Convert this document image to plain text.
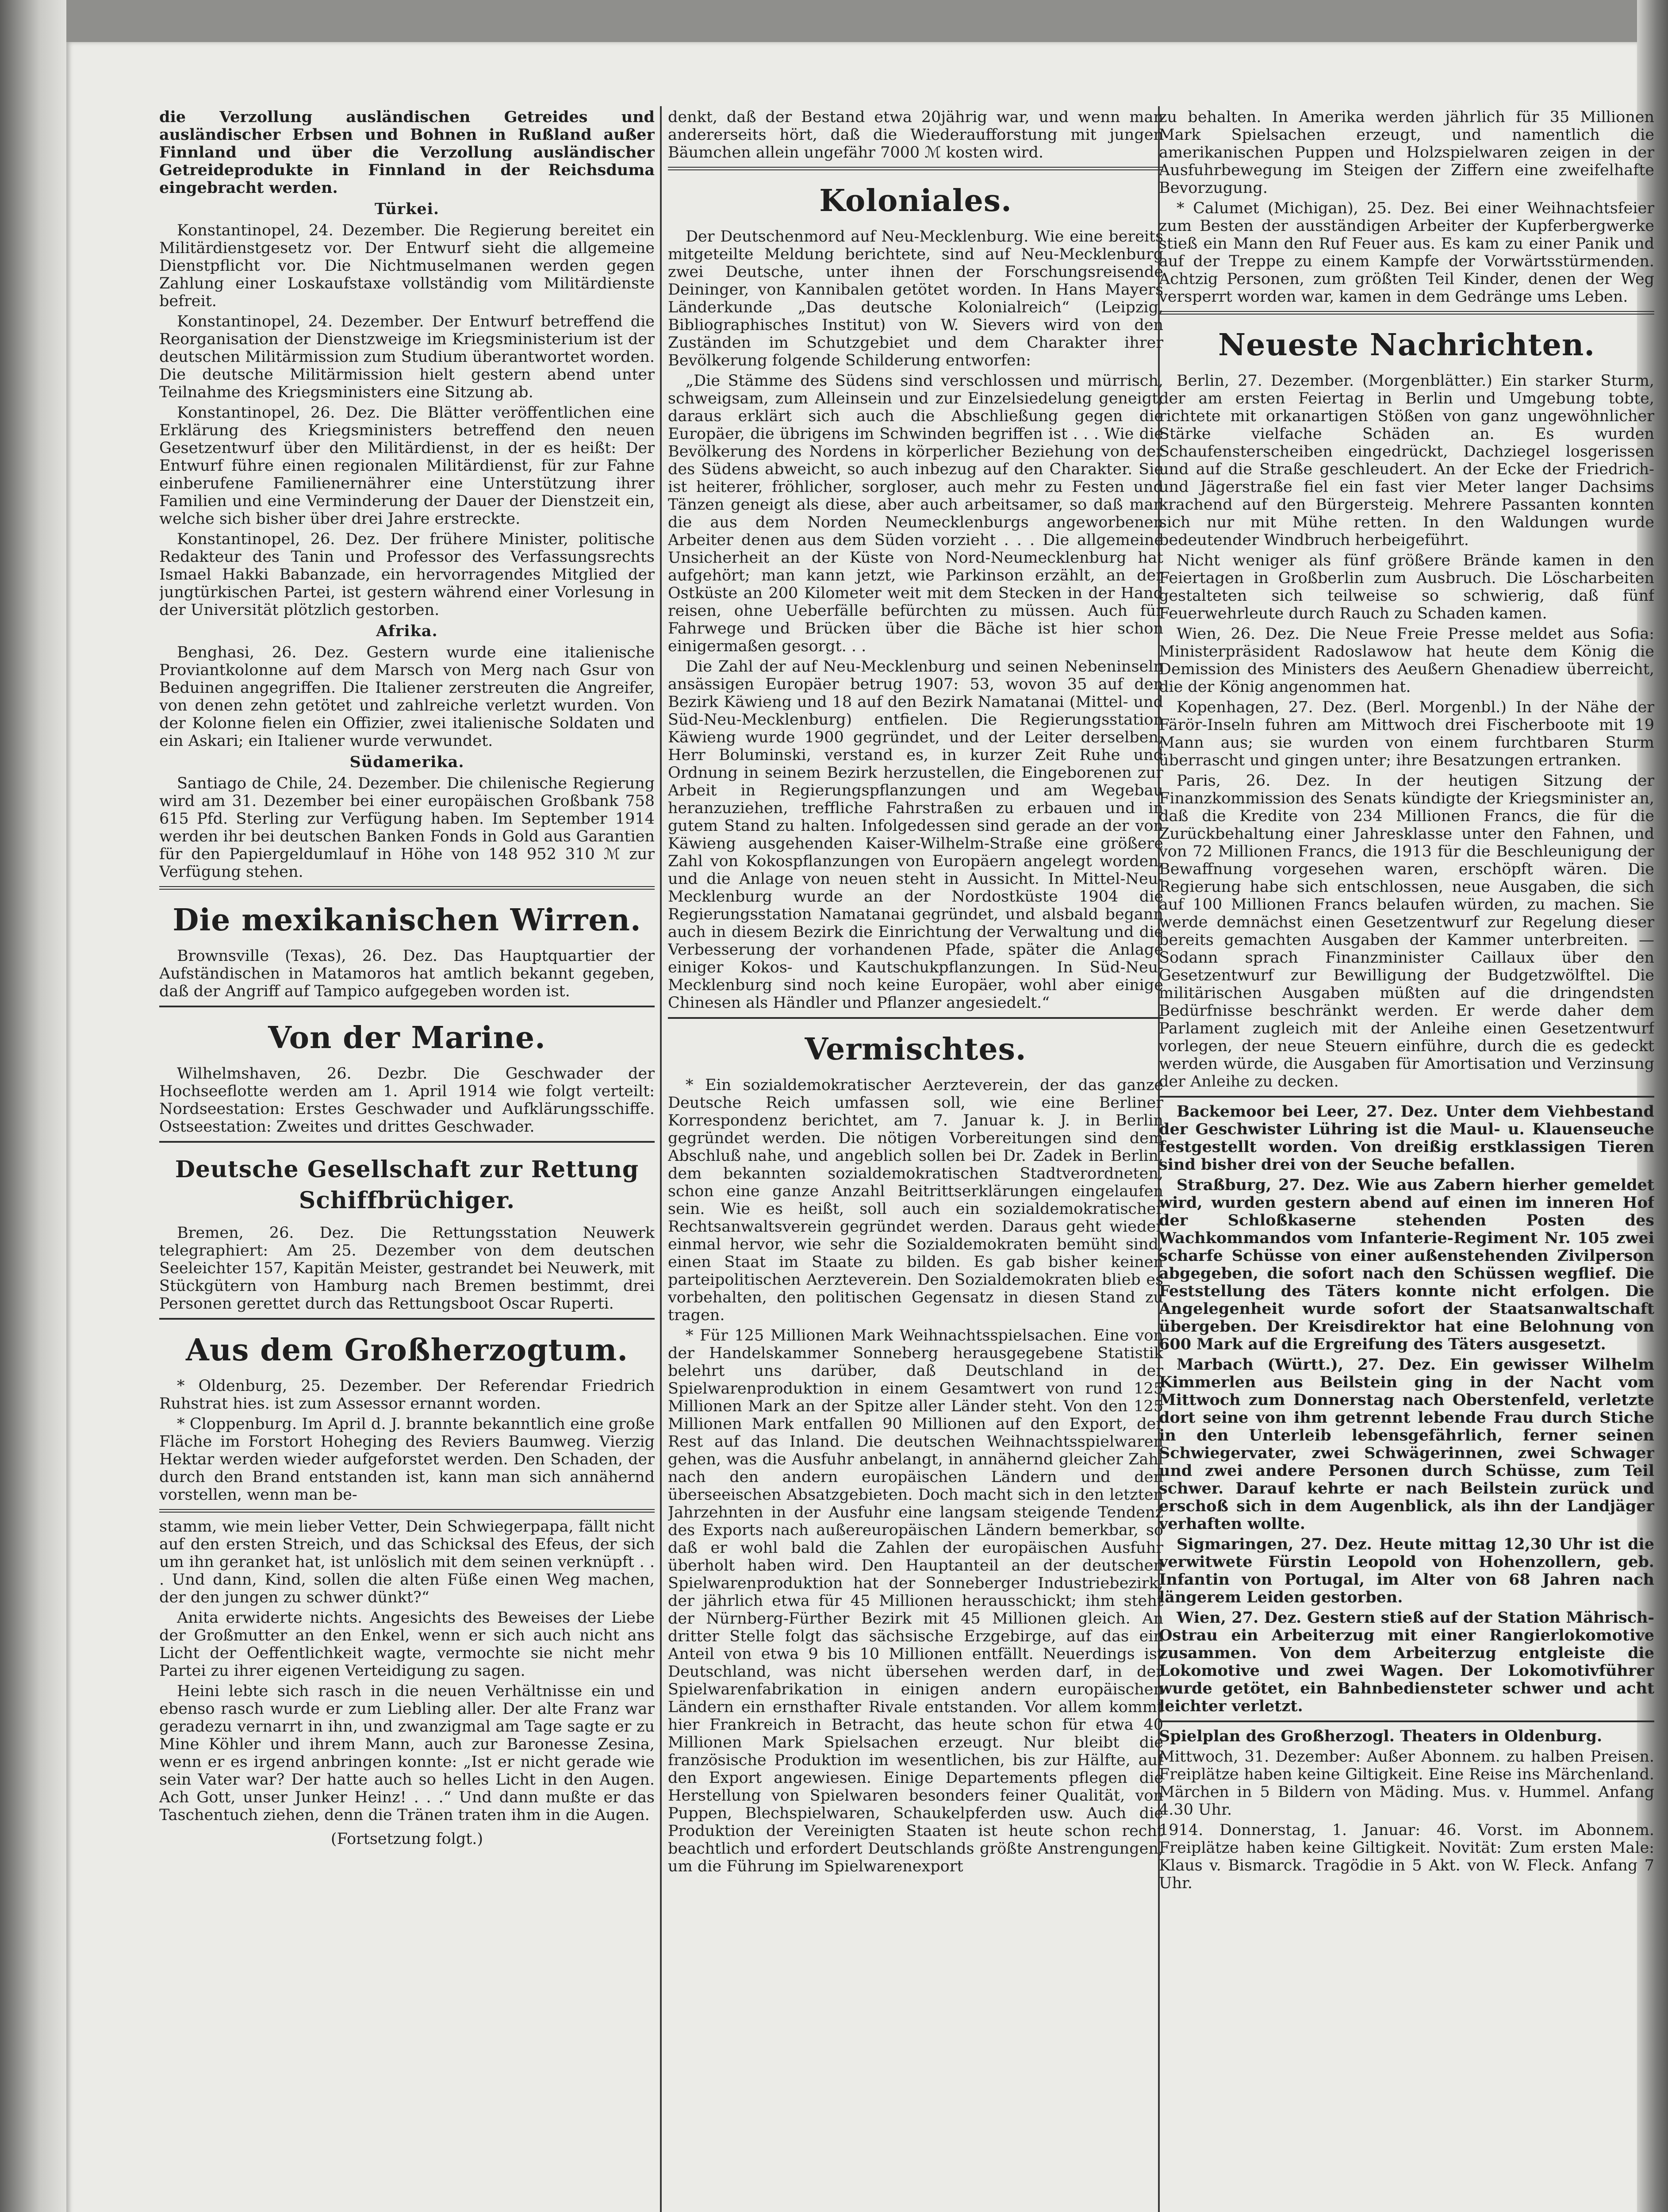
die Verzollung ausländischen Getreides und ausländischer Erbsen und Bohnen in Rußland außer Finnland und über die Verzollung ausländischer Getreideprodukte in Finnland in der Reichsduma eingebracht werden.

Türkei.

Konstantinopel, 24. Dezember. Die Regierung bereitet ein Militärdienstgesetz vor. Der Entwurf sieht die allgemeine Dienstpflicht vor. Die Nichtmuselmanen werden gegen Zahlung einer Loskaufstaxe vollständig vom Militärdienste befreit.

Konstantinopel, 24. Dezember. Der Entwurf betreffend die Reorganisation der Dienstzweige im Kriegsministerium ist der deutschen Militärmission zum Studium überantwortet worden. Die deutsche Militärmission hielt gestern abend unter Teilnahme des Kriegsministers eine Sitzung ab.

Konstantinopel, 26. Dez. Die Blätter veröffentlichen eine Erklärung des Kriegsministers betreffend den neuen Gesetzentwurf über den Militärdienst, in der es heißt: Der Entwurf führe einen regionalen Militärdienst, für zur Fahne einberufene Familienernährer eine Unterstützung ihrer Familien und eine Verminderung der Dauer der Dienstzeit ein, welche sich bisher über drei Jahre erstreckte.

Konstantinopel, 26. Dez. Der frühere Minister, politische Redakteur des Tanin und Professor des Verfassungsrechts Ismael Hakki Babanzade, ein hervorragendes Mitglied der jungtürkischen Partei, ist gestern während einer Vorlesung in der Universität plötzlich gestorben.

Afrika.

Benghasi, 26. Dez. Gestern wurde eine italienische Proviantkolonne auf dem Marsch von Merg nach Gsur von Beduinen angegriffen. Die Italiener zerstreuten die Angreifer, von denen zehn getötet und zahlreiche verletzt wurden. Von der Kolonne fielen ein Offizier, zwei italienische Soldaten und ein Askari; ein Italiener wurde verwundet.

Südamerika.

Santiago de Chile, 24. Dezember. Die chilenische Regierung wird am 31. Dezember bei einer europäischen Großbank 758 615 Pfd. Sterling zur Verfügung haben. Im September 1914 werden ihr bei deutschen Banken Fonds in Gold aus Garantien für den Papiergeldumlauf in Höhe von 148 952 310 ℳ zur Verfügung stehen.

Die mexikanischen Wirren.

Brownsville (Texas), 26. Dez. Das Hauptquartier der Aufständischen in Matamoros hat amtlich bekannt gegeben, daß der Angriff auf Tampico aufgegeben worden ist.

Von der Marine.

Wilhelmshaven, 26. Dezbr. Die Geschwader der Hochseeflotte werden am 1. April 1914 wie folgt verteilt: Nordseestation: Erstes Geschwader und Aufklärungsschiffe. Ostseestation: Zweites und drittes Geschwader.

Deutsche Gesellschaft zur Rettung Schiffbrüchiger.

Bremen, 26. Dez. Die Rettungsstation Neuwerk telegraphiert: Am 25. Dezember von dem deutschen Seeleichter 157, Kapitän Meister, gestrandet bei Neuwerk, mit Stückgütern von Hamburg nach Bremen bestimmt, drei Personen gerettet durch das Rettungsboot Oscar Ruperti.

Aus dem Großherzogtum.

* Oldenburg, 25. Dezember. Der Referendar Friedrich Ruhstrat hies. ist zum Assessor ernannt worden.

* Cloppenburg. Im April d. J. brannte bekanntlich eine große Fläche im Forstort Hoheging des Reviers Baumweg. Vierzig Hektar werden wieder aufgeforstet werden. Den Schaden, der durch den Brand entstanden ist, kann man sich annähernd vorstellen, wenn man be-

stamm, wie mein lieber Vetter, Dein Schwiegerpapa, fällt nicht auf den ersten Streich, und das Schicksal des Efeus, der sich um ihn geranket hat, ist unlöslich mit dem seinen verknüpft . . . Und dann, Kind, sollen die alten Füße einen Weg machen, der den jungen zu schwer dünkt?“

Anita erwiderte nichts. Angesichts des Beweises der Liebe der Großmutter an den Enkel, wenn er sich auch nicht ans Licht der Oeffentlichkeit wagte, vermochte sie nicht mehr Partei zu ihrer eigenen Verteidigung zu sagen.

Heini lebte sich rasch in die neuen Verhältnisse ein und ebenso rasch wurde er zum Liebling aller. Der alte Franz war geradezu vernarrt in ihn, und zwanzigmal am Tage sagte er zu Mine Köhler und ihrem Mann, auch zur Baronesse Zesina, wenn er es irgend anbringen konnte: „Ist er nicht gerade wie sein Vater war? Der hatte auch so helles Licht in den Augen. Ach Gott, unser Junker Heinz! . . .“ Und dann mußte er das Taschentuch ziehen, denn die Tränen traten ihm in die Augen.

(Fortsetzung folgt.)

denkt, daß der Bestand etwa 20jährig war, und wenn man andererseits hört, daß die Wiederaufforstung mit jungen Bäumchen allein ungefähr 7000 ℳ kosten wird.

Koloniales.

Der Deutschenmord auf Neu-Mecklenburg. Wie eine bereits mitgeteilte Meldung berichtete, sind auf Neu-Mecklenburg zwei Deutsche, unter ihnen der Forschungsreisende Deininger, von Kannibalen getötet worden. In Hans Mayers Länderkunde „Das deutsche Kolonialreich“ (Leipzig, Bibliographisches Institut) von W. Sievers wird von den Zuständen im Schutzgebiet und dem Charakter ihrer Bevölkerung folgende Schilderung entworfen:

„Die Stämme des Südens sind verschlossen und mürrisch, schweigsam, zum Alleinsein und zur Einzelsiedelung geneigt; daraus erklärt sich auch die Abschließung gegen die Europäer, die übrigens im Schwinden begriffen ist . . . Wie die Bevölkerung des Nordens in körperlicher Beziehung von der des Südens abweicht, so auch inbezug auf den Charakter. Sie ist heiterer, fröhlicher, sorgloser, auch mehr zu Festen und Tänzen geneigt als diese, aber auch arbeitsamer, so daß man die aus dem Norden Neumecklenburgs angeworbenen Arbeiter denen aus dem Süden vorzieht . . . Die allgemeine Unsicherheit an der Küste von Nord-Neumecklenburg hat aufgehört; man kann jetzt, wie Parkinson erzählt, an der Ostküste an 200 Kilometer weit mit dem Stecken in der Hand reisen, ohne Ueberfälle befürchten zu müssen. Auch für Fahrwege und Brücken über die Bäche ist hier schon einigermaßen gesorgt. . .

Die Zahl der auf Neu-Mecklenburg und seinen Nebeninseln ansässigen Europäer betrug 1907: 53, wovon 35 auf den Bezirk Käwieng und 18 auf den Bezirk Namatanai (Mittel- und Süd-Neu-Mecklenburg) entfielen. Die Regierungsstation Käwieng wurde 1900 gegründet, und der Leiter derselben, Herr Boluminski, verstand es, in kurzer Zeit Ruhe und Ordnung in seinem Bezirk herzustellen, die Eingeborenen zur Arbeit in Regierungspflanzungen und am Wegebau heranzuziehen, treffliche Fahrstraßen zu erbauen und in gutem Stand zu halten. Infolgedessen sind gerade an der von Käwieng ausgehenden Kaiser-Wilhelm-Straße eine größere Zahl von Kokospflanzungen von Europäern angelegt worden, und die Anlage von neuen steht in Aussicht. In Mittel-Neu-Mecklenburg wurde an der Nordostküste 1904 die Regierungsstation Namatanai gegründet, und alsbald begann auch in diesem Bezirk die Einrichtung der Verwaltung und die Verbesserung der vorhandenen Pfade, später die Anlage einiger Kokos- und Kautschukpflanzungen. In Süd-Neu-Mecklenburg sind noch keine Europäer, wohl aber einige Chinesen als Händler und Pflanzer angesiedelt.“

Vermischtes.

* Ein sozialdemokratischer Aerzteverein, der das ganze Deutsche Reich umfassen soll, wie eine Berliner Korrespondenz berichtet, am 7. Januar k. J. in Berlin gegründet werden. Die nötigen Vorbereitungen sind dem Abschluß nahe, und angeblich sollen bei Dr. Zadek in Berlin, dem bekannten sozialdemokratischen Stadtverordneten, schon eine ganze Anzahl Beitrittserklärungen eingelaufen sein. Wie es heißt, soll auch ein sozialdemokratischer Rechtsanwaltsverein gegründet werden. Daraus geht wieder einmal hervor, wie sehr die Sozialdemokraten bemüht sind, einen Staat im Staate zu bilden. Es gab bisher keinen parteipolitischen Aerzteverein. Den Sozialdemokraten blieb es vorbehalten, den politischen Gegensatz in diesen Stand zu tragen.

* Für 125 Millionen Mark Weihnachtsspielsachen. Eine von der Handelskammer Sonneberg herausgegebene Statistik belehrt uns darüber, daß Deutschland in der Spielwarenproduktion in einem Gesamtwert von rund 125 Millionen Mark an der Spitze aller Länder steht. Von den 125 Millionen Mark entfallen 90 Millionen auf den Export, der Rest auf das Inland. Die deutschen Weihnachtsspielwaren gehen, was die Ausfuhr anbelangt, in annähernd gleicher Zahl nach den andern europäischen Ländern und den überseeischen Absatzgebieten. Doch macht sich in den letzten Jahrzehnten in der Ausfuhr eine langsam steigende Tendenz des Exports nach außereuropäischen Ländern bemerkbar, so daß er wohl bald die Zahlen der europäischen Ausfuhr überholt haben wird. Den Hauptanteil an der deutschen Spielwarenproduktion hat der Sonneberger Industriebezirk, der jährlich etwa für 45 Millionen herausschickt; ihm steht der Nürnberg-Fürther Bezirk mit 45 Millionen gleich. An dritter Stelle folgt das sächsische Erzgebirge, auf das ein Anteil von etwa 9 bis 10 Millionen entfällt. Neuerdings ist Deutschland, was nicht übersehen werden darf, in der Spielwarenfabrikation in einigen andern europäischen Ländern ein ernsthafter Rivale entstanden. Vor allem kommt hier Frankreich in Betracht, das heute schon für etwa 40 Millionen Mark Spielsachen erzeugt. Nur bleibt die französische Produktion im wesentlichen, bis zur Hälfte, auf den Export angewiesen. Einige Departements pflegen die Herstellung von Spielwaren besonders feiner Qualität, von Puppen, Blechspielwaren, Schaukelpferden usw. Auch die Produktion der Vereinigten Staaten ist heute schon recht beachtlich und erfordert Deutschlands größte Anstrengungen, um die Führung im Spielwarenexport

zu behalten. In Amerika werden jährlich für 35 Millionen Mark Spielsachen erzeugt, und namentlich die amerikanischen Puppen und Holzspielwaren zeigen in der Ausfuhrbewegung im Steigen der Ziffern eine zweifelhafte Bevorzugung.

* Calumet (Michigan), 25. Dez. Bei einer Weihnachtsfeier zum Besten der ausständigen Arbeiter der Kupferbergwerke stieß ein Mann den Ruf Feuer aus. Es kam zu einer Panik und auf der Treppe zu einem Kampfe der Vorwärtsstürmenden. Achtzig Personen, zum größten Teil Kinder, denen der Weg versperrt worden war, kamen in dem Gedränge ums Leben.

Neueste Nachrichten.

Berlin, 27. Dezember. (Morgenblätter.) Ein starker Sturm, der am ersten Feiertag in Berlin und Umgebung tobte, richtete mit orkanartigen Stößen von ganz ungewöhnlicher Stärke vielfache Schäden an. Es wurden Schaufensterscheiben eingedrückt, Dachziegel losgerissen und auf die Straße geschleudert. An der Ecke der Friedrich- und Jägerstraße fiel ein fast vier Meter langer Dachsims krachend auf den Bürgersteig. Mehrere Passanten konnten sich nur mit Mühe retten. In den Waldungen wurde bedeutender Windbruch herbeigeführt.

Nicht weniger als fünf größere Brände kamen in den Feiertagen in Großberlin zum Ausbruch. Die Löscharbeiten gestalteten sich teilweise so schwierig, daß fünf Feuerwehrleute durch Rauch zu Schaden kamen.

Wien, 26. Dez. Die Neue Freie Presse meldet aus Sofia: Ministerpräsident Radoslawow hat heute dem König die Demission des Ministers des Aeußern Ghenadiew überreicht, die der König angenommen hat.

Kopenhagen, 27. Dez. (Berl. Morgenbl.) In der Nähe der Färör-Inseln fuhren am Mittwoch drei Fischerboote mit 19 Mann aus; sie wurden von einem furchtbaren Sturm überrascht und gingen unter; ihre Besatzungen ertranken.

Paris, 26. Dez. In der heutigen Sitzung der Finanzkommission des Senats kündigte der Kriegsminister an, daß die Kredite von 234 Millionen Francs, die für die Zurückbehaltung einer Jahresklasse unter den Fahnen, und von 72 Millionen Francs, die 1913 für die Beschleunigung der Bewaffnung vorgesehen waren, erschöpft wären. Die Regierung habe sich entschlossen, neue Ausgaben, die sich auf 100 Millionen Francs belaufen würden, zu machen. Sie werde demnächst einen Gesetzentwurf zur Regelung dieser bereits gemachten Ausgaben der Kammer unterbreiten. — Sodann sprach Finanzminister Caillaux über den Gesetzentwurf zur Bewilligung der Budgetzwölftel. Die militärischen Ausgaben müßten auf die dringendsten Bedürfnisse beschränkt werden. Er werde daher dem Parlament zugleich mit der Anleihe einen Gesetzentwurf vorlegen, der neue Steuern einführe, durch die es gedeckt werden würde, die Ausgaben für Amortisation und Verzinsung der Anleihe zu decken.

Backemoor bei Leer, 27. Dez. Unter dem Viehbestand der Geschwister Lühring ist die Maul- u. Klauenseuche festgestellt worden. Von dreißig erstklassigen Tieren sind bisher drei von der Seuche befallen.

Straßburg, 27. Dez. Wie aus Zabern hierher gemeldet wird, wurden gestern abend auf einen im inneren Hof der Schloßkaserne stehenden Posten des Wachkommandos vom Infanterie-Regiment Nr. 105 zwei scharfe Schüsse von einer außenstehenden Zivilperson abgegeben, die sofort nach den Schüssen wegflief. Die Feststellung des Täters konnte nicht erfolgen. Die Angelegenheit wurde sofort der Staatsanwaltschaft übergeben. Der Kreisdirektor hat eine Belohnung von 600 Mark auf die Ergreifung des Täters ausgesetzt.

Marbach (Württ.), 27. Dez. Ein gewisser Wilhelm Kimmerlen aus Beilstein ging in der Nacht vom Mittwoch zum Donnerstag nach Oberstenfeld, verletzte dort seine von ihm getrennt lebende Frau durch Stiche in den Unterleib lebensgefährlich, ferner seinen Schwiegervater, zwei Schwägerinnen, zwei Schwager und zwei andere Personen durch Schüsse, zum Teil schwer. Darauf kehrte er nach Beilstein zurück und erschoß sich in dem Augenblick, als ihn der Landjäger verhaften wollte.

Sigmaringen, 27. Dez. Heute mittag 12,30 Uhr ist die verwitwete Fürstin Leopold von Hohenzollern, geb. Infantin von Portugal, im Alter von 68 Jahren nach längerem Leiden gestorben.

Wien, 27. Dez. Gestern stieß auf der Station Mährisch-Ostrau ein Arbeiterzug mit einer Rangierlokomotive zusammen. Von dem Arbeiterzug entgleiste die Lokomotive und zwei Wagen. Der Lokomotivführer wurde getötet, ein Bahnbediensteter schwer und acht leichter verletzt.

Spielplan des Großherzogl. Theaters in Oldenburg.

Mittwoch, 31. Dezember: Außer Abonnem. zu halben Preisen. Freiplätze haben keine Giltigkeit. Eine Reise ins Märchenland. Märchen in 5 Bildern von Mäding. Mus. v. Hummel. Anfang 4.30 Uhr.

1914. Donnerstag, 1. Januar: 46. Vorst. im Abonnem. Freiplätze haben keine Giltigkeit. Novität: Zum ersten Male: Klaus v. Bismarck. Tragödie in 5 Akt. von W. Fleck. Anfang 7 Uhr.
